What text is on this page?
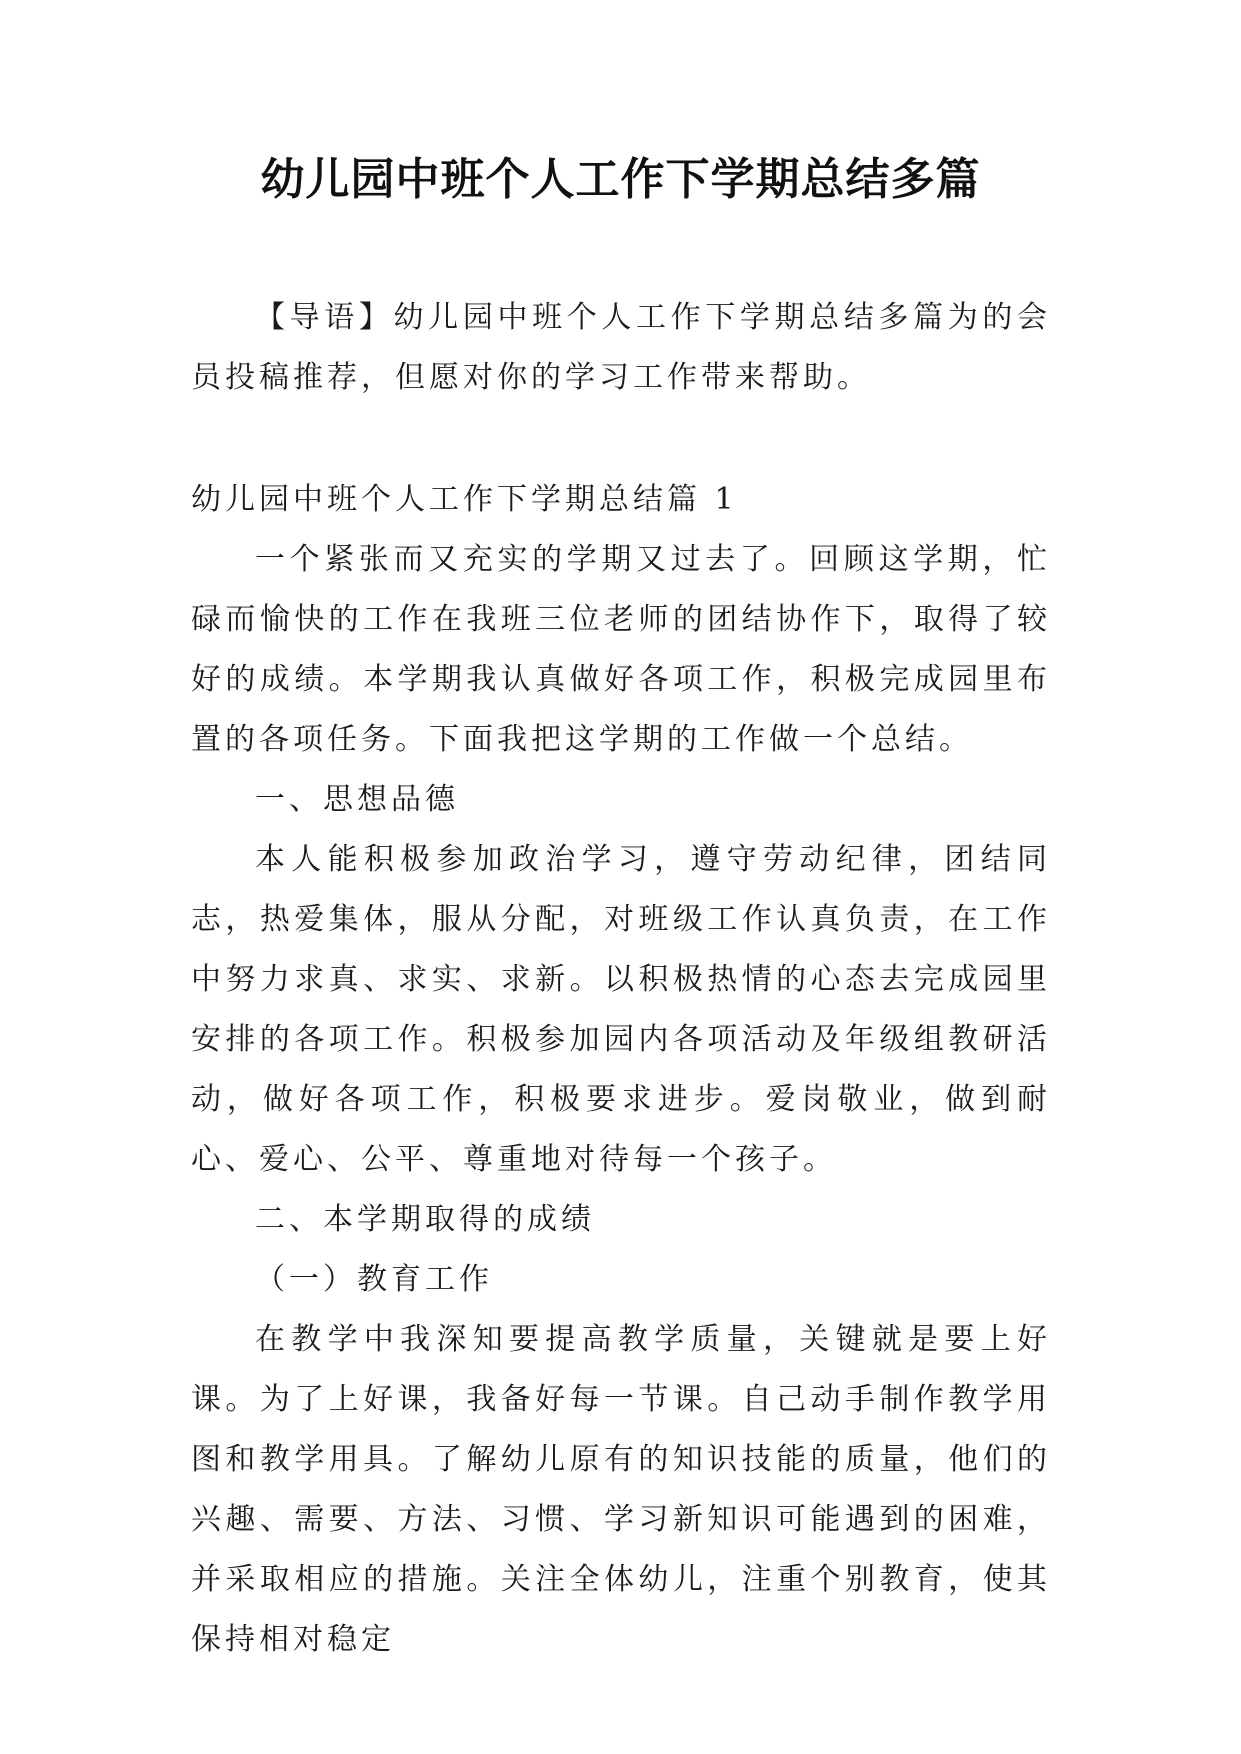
幼儿园中班个人工作下学期总结多篇

【导语】幼儿园中班个人工作下学期总结多篇为的会员投稿推荐，但愿对你的学习工作带来帮助。

幼儿园中班个人工作下学期总结篇 1

一个紧张而又充实的学期又过去了。回顾这学期，忙碌而愉快的工作在我班三位老师的团结协作下，取得了较好的成绩。本学期我认真做好各项工作，积极完成园里布置的各项任务。下面我把这学期的工作做一个总结。

一、思想品德

本人能积极参加政治学习，遵守劳动纪律，团结同志，热爱集体，服从分配，对班级工作认真负责，在工作中努力求真、求实、求新。以积极热情的心态去完成园里安排的各项工作。积极参加园内各项活动及年级组教研活动，做好各项工作，积极要求进步。爱岗敬业，做到耐心、爱心、公平、尊重地对待每一个孩子。

二、本学期取得的成绩

（一）教育工作

在教学中我深知要提高教学质量，关键就是要上好课。为了上好课，我备好每一节课。自己动手制作教学用图和教学用具。了解幼儿原有的知识技能的质量，他们的兴趣、需要、方法、习惯、学习新知识可能遇到的困难，并采取相应的措施。关注全体幼儿，注重个别教育，使其保持相对稳定
